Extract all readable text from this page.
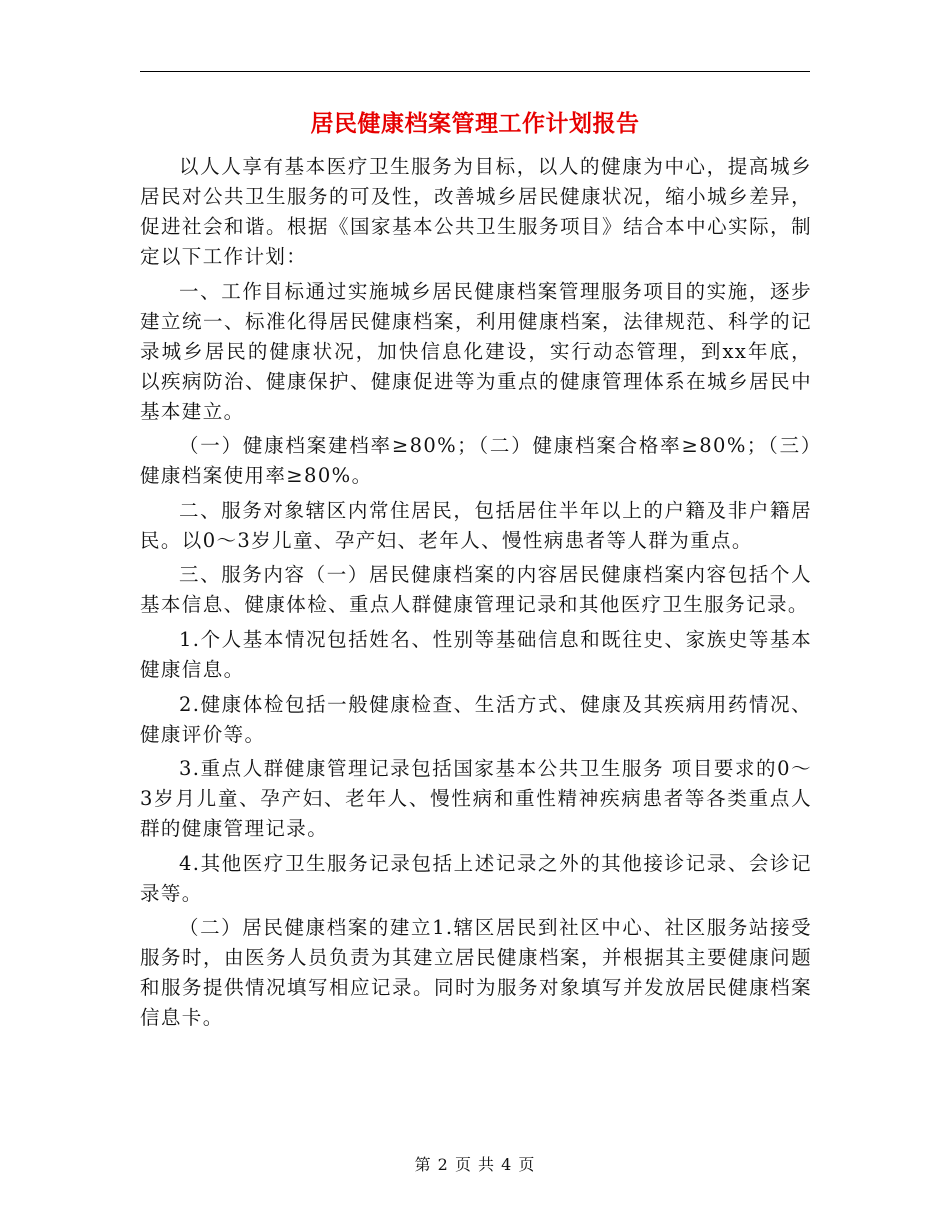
居民健康档案管理工作计划报告

以人人享有基本医疗卫生服务为目标，以人的健康为中心，提高城乡居民对公共卫生服务的可及性，改善城乡居民健康状况，缩小城乡差异，促进社会和谐。根据《国家基本公共卫生服务项目》结合本中心实际，制定以下工作计划：

一、工作目标通过实施城乡居民健康档案管理服务项目的实施，逐步建立统一、标准化得居民健康档案，利用健康档案，法律规范、科学的记录城乡居民的健康状况，加快信息化建设，实行动态管理，到xx年底，以疾病防治、健康保护、健康促进等为重点的健康管理体系在城乡居民中基本建立。

（一）健康档案建档率≥80%；（二）健康档案合格率≥80%；（三）健康档案使用率≥80%。

二、服务对象辖区内常住居民，包括居住半年以上的户籍及非户籍居民。以0～3岁儿童、孕产妇、老年人、慢性病患者等人群为重点。

三、服务内容（一）居民健康档案的内容居民健康档案内容包括个人基本信息、健康体检、重点人群健康管理记录和其他医疗卫生服务记录。

1.个人基本情况包括姓名、性别等基础信息和既往史、家族史等基本健康信息。

2.健康体检包括一般健康检查、生活方式、健康及其疾病用药情况、健康评价等。

3.重点人群健康管理记录包括国家基本公共卫生服务 项目要求的0～3岁月儿童、孕产妇、老年人、慢性病和重性精神疾病患者等各类重点人群的健康管理记录。

4.其他医疗卫生服务记录包括上述记录之外的其他接诊记录、会诊记录等。

（二）居民健康档案的建立1.辖区居民到社区中心、社区服务站接受服务时，由医务人员负责为其建立居民健康档案，并根据其主要健康问题和服务提供情况填写相应记录。同时为服务对象填写并发放居民健康档案信息卡。

第 2 页 共 4 页
